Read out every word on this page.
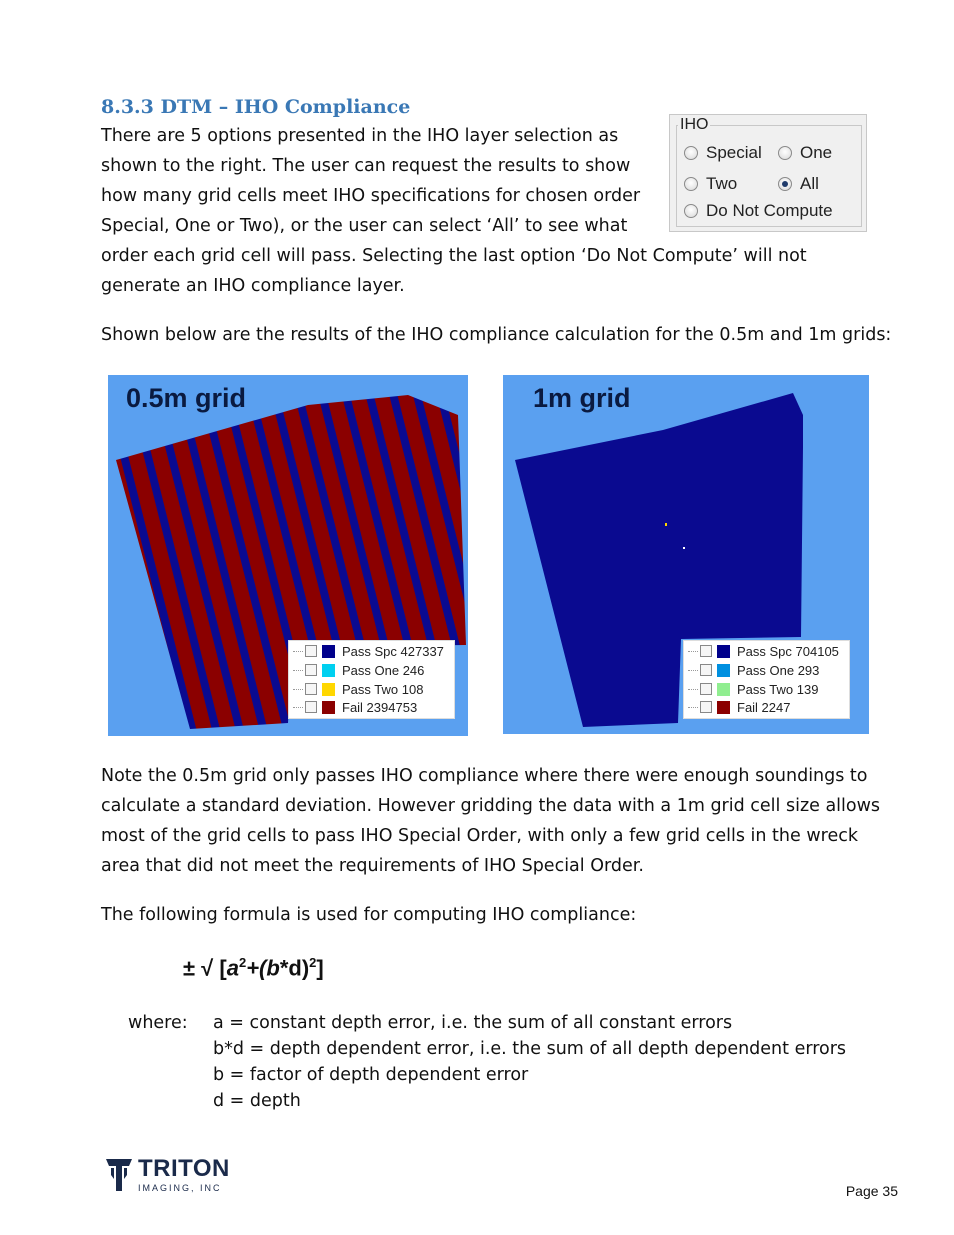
8.3.3 DTM – IHO Compliance
There are 5 options presented in the IHO layer selection as
shown to the right. The user can request the results to show
how many grid cells meet IHO specifications for chosen order
Special, One or Two), or the user can select ‘All’ to see what
order each grid cell will pass. Selecting the last option ‘Do Not Compute’ will not
generate an IHO compliance layer.
IHO
Special One
Two	All
Do Not Compute
Shown below are the results of the IHO compliance calculation for the 0.5m and 1m grids:
0.5m grid
Pass Spc 427337
Pass One 246
Pass Two 108
Fail 2394753
1m grid
Pass Spc 704105
Pass One 293
Pass Two 139
Fail 2247
Note the 0.5m grid only passes IHO compliance where there were enough soundings to
calculate a standard deviation. However gridding the data with a 1m grid cell size allows
most of the grid cells to pass IHO Special Order, with only a few grid cells in the wreck
area that did not meet the requirements of IHO Special Order.
The following formula is used for computing IHO compliance:
± √ $[a^2+(b*d)^2]$
where: a = constant depth error, i.e. the sum of all constant errors
b*d = depth dependent error, i.e. the sum of all depth dependent errors
b = factor of depth dependent error
d = depth
TRITON
IMAGING, INC	Page 35
